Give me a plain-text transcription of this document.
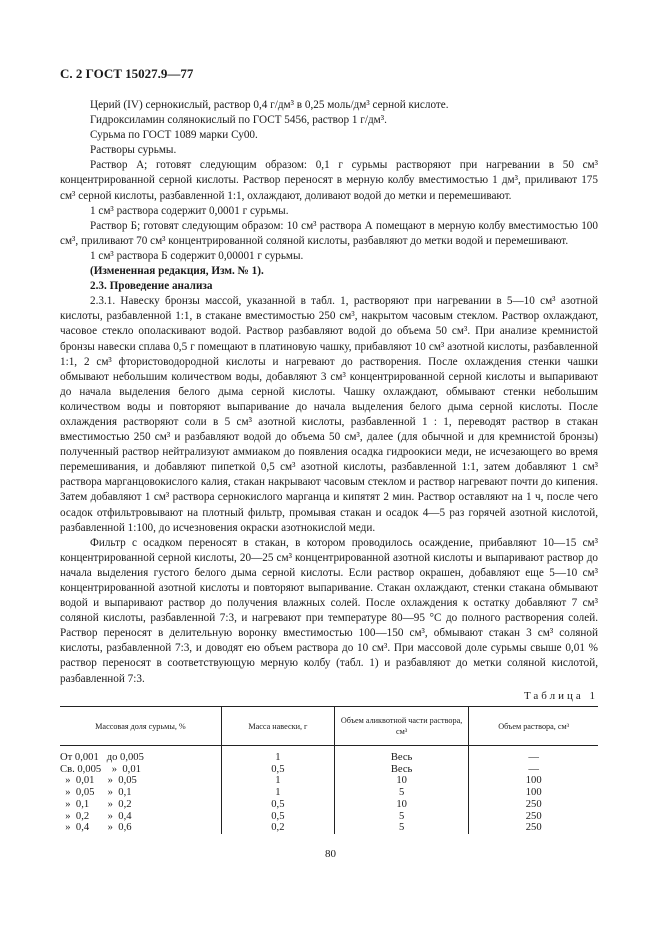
С. 2 ГОСТ 15027.9—77

Церий (IV) сернокислый, раствор 0,4 г/дм³ в 0,25 моль/дм³ серной кислоте.

Гидроксиламин солянокислый по ГОСТ 5456, раствор 1 г/дм³.

Сурьма по ГОСТ 1089 марки Су00.

Растворы сурьмы.

Раствор А; готовят следующим образом: 0,1 г сурьмы растворяют при нагревании в 50 см³ концентрированной серной кислоты. Раствор переносят в мерную колбу вместимостью 1 дм³, приливают 175 см³ серной кислоты, разбавленной 1:1, охлаждают, доливают водой до метки и перемешивают.

1 см³ раствора содержит 0,0001 г сурьмы.

Раствор Б; готовят следующим образом: 10 см³ раствора А помещают в мерную колбу вместимостью 100 см³, приливают 70 см³ концентрированной соляной кислоты, разбавляют до метки водой и перемешивают.

1 см³ раствора Б содержит 0,00001 г сурьмы.

(Измененная редакция, Изм. № 1).

2.3. Проведение анализа

2.3.1. Навеску бронзы массой, указанной в табл. 1, растворяют при нагревании в 5—10 см³ азотной кислоты, разбавленной 1:1, в стакане вместимостью 250 см³, накрытом часовым стеклом. Раствор охлаждают, часовое стекло ополаскивают водой. Раствор разбавляют водой до объема 50 см³. При анализе кремнистой бронзы навески сплава 0,5 г помещают в платиновую чашку, прибавляют 10 см³ азотной кислоты, разбавленной 1:1, 2 см³ фтористоводородной кислоты и нагревают до растворения. После охлаждения стенки чашки обмывают небольшим количеством воды, добавляют 3 см³ концентрированной серной кислоты и выпаривают до начала выделения белого дыма серной кислоты. Чашку охлаждают, обмывают стенки небольшим количеством воды и повторяют выпаривание до начала выделения белого дыма серной кислоты. После охлаждения растворяют соли в 5 см³ азотной кислоты, разбавленной 1 : 1, переводят раствор в стакан вместимостью 250 см³ и разбавляют водой до объема 50 см³, далее (для обычной и для кремнистой бронзы) полученный раствор нейтрализуют аммиаком до появления осадка гидроокиси меди, не исчезающего во время перемешивания, и добавляют пипеткой 0,5 см³ азотной кислоты, разбавленной 1:1, затем добавляют 1 см³ раствора марганцовокислого калия, стакан накрывают часовым стеклом и раствор нагревают почти до кипения. Затем добавляют 1 см³ раствора сернокислого марганца и кипятят 2 мин. Раствор оставляют на 1 ч, после чего осадок отфильтровывают на плотный фильтр, промывая стакан и осадок 4—5 раз горячей азотной кислотой, разбавленной 1:100, до исчезновения окраски азотнокислой меди.

Фильтр с осадком переносят в стакан, в котором проводилось осаждение, прибавляют 10—15 см³ концентрированной серной кислоты, 20—25 см³ концентрированной азотной кислоты и выпаривают раствор до начала выделения густого белого дыма серной кислоты. Если раствор окрашен, добавляют еще 5—10 см³ концентрированной азотной кислоты и повторяют выпаривание. Стакан охлаждают, стенки стакана обмывают водой и выпаривают раствор до получения влажных солей. После охлаждения к остатку добавляют 7 см³ соляной кислоты, разбавленной 7:3, и нагревают при температуре 80—95 °С до полного растворения солей. Раствор переносят в делительную воронку вместимостью 100—150 см³, обмывают стакан 3 см³ соляной кислоты, разбавленной 7:3, и доводят ею объем раствора до 10 см³. При массовой доле сурьмы свыше 0,01 % раствор переносят в соответствующую мерную колбу (табл. 1) и разбавляют до метки соляной кислотой, разбавленной 7:3.

Таблица 1
Массовая доля сурьмы, %	Масса навески, г	Объем аликвотной части раствора, см³	Объем раствора, см³
От 0,001   до 0,005	1	Весь	—
Св. 0,005    »  0,01	0,5	Весь	—
»  0,01     »  0,05	1	10	100
»  0,05     »  0,1	1	5	100
»  0,1       »  0,2	0,5	10	250
»  0,2       »  0,4	0,5	5	250
»  0,4       »  0,6	0,2	5	250
80
